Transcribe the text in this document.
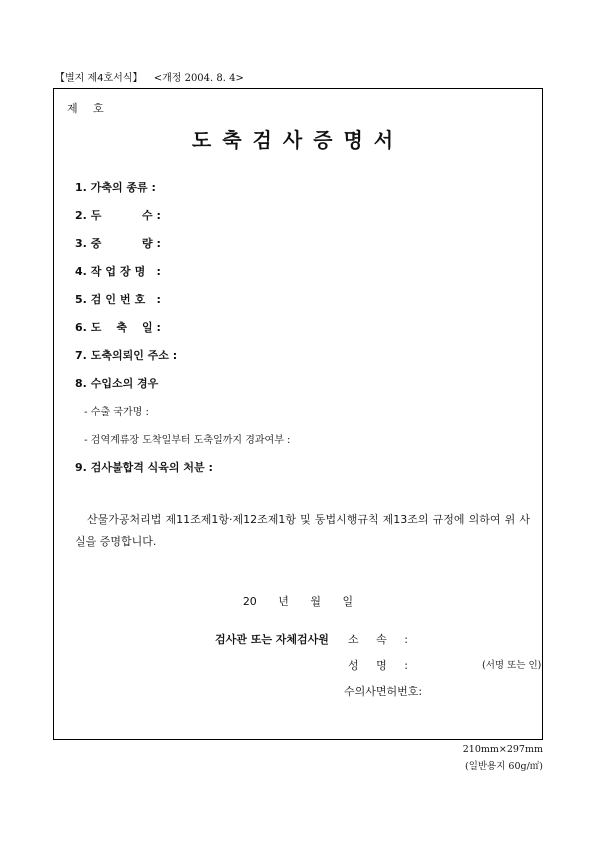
【별지 제4호서식】 <개정 2004. 8. 4>
제 호
도축검사증명서
1. 가축의 종류 :
2. 두 수 :
3. 중 량 :
4. 작업장명 :
5. 검인번호 :
6. 도 축 일 :
7. 도축의뢰인 주소 :
8. 수입소의 경우
- 수출 국가명 :
- 검역계류장 도착일부터 도축일까지 경과여부 :
9. 검사불합격 식육의 처분 :
산물가공처리법 제11조제1항·제12조제1항 및 동법시행규칙 제13조의 규정에 의하여 위 사실을 증명합니다.
20 년 월 일
검사관 또는 자체검사원 소 속 :
성 명 :	(서명 또는 인)
수의사면허번호:
210mm×297mm
(일반용지 60g/㎡)
